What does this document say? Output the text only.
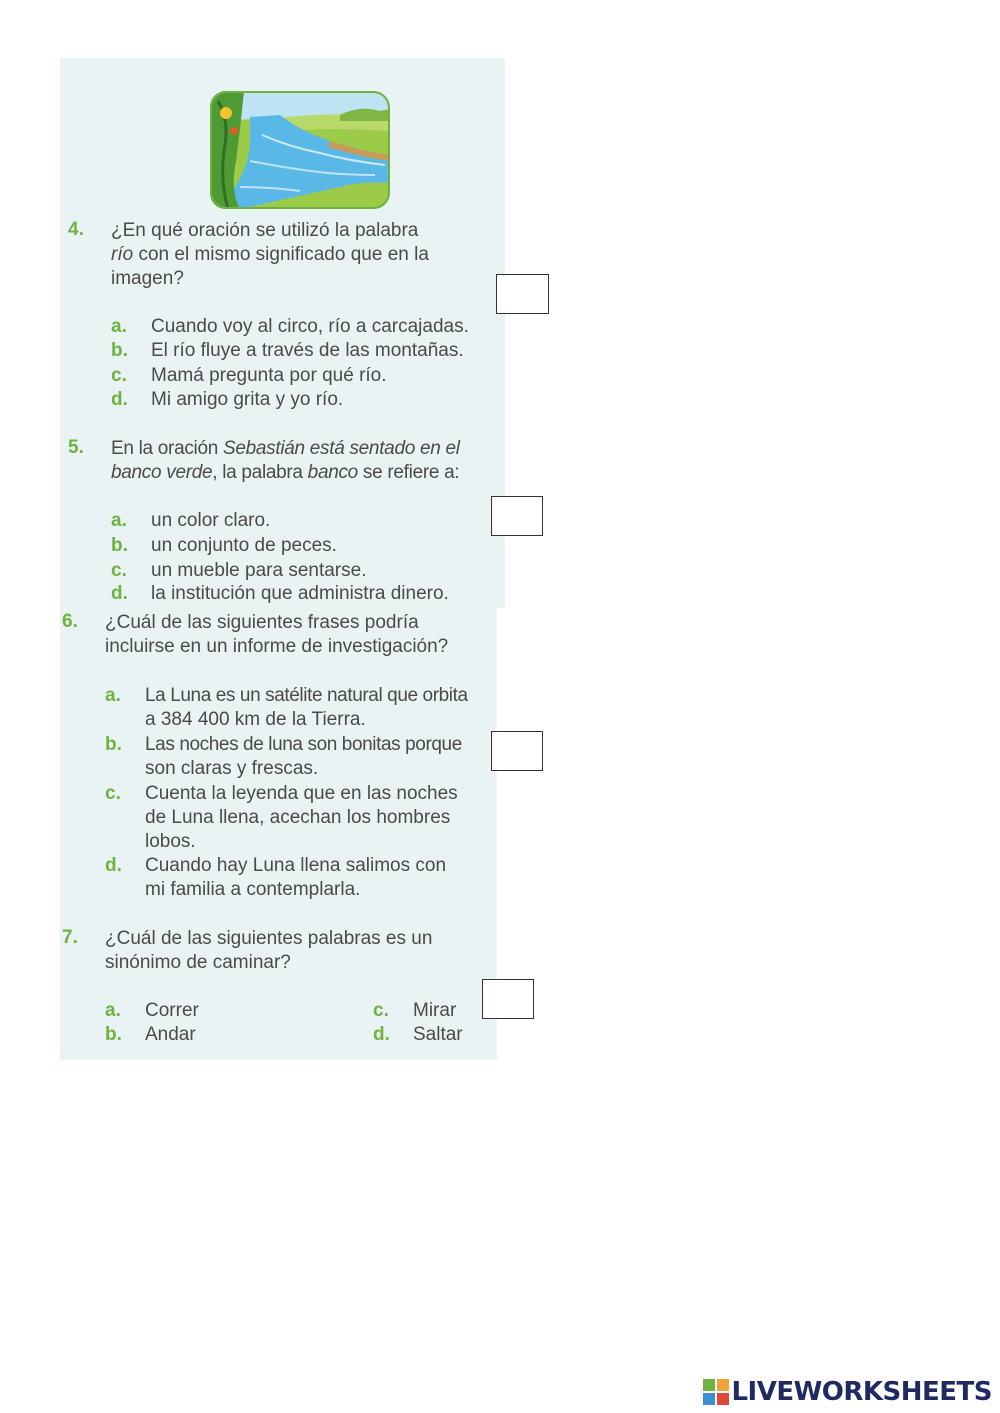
4. ¿En qué oración se utilizó la palabra
río con el mismo significado que en la
imagen?
a. Cuando voy al circo, río a carcajadas.
b. El río fluye a través de las montañas.
c. Mamá pregunta por qué río.
d. Mi amigo grita y yo río.
5. En la oración Sebastián está sentado en el
banco verde, la palabra banco se refiere a:
a. un color claro.
b. un conjunto de peces.
c. un mueble para sentarse.
d. la institución que administra dinero.
6. ¿Cuál de las siguientes frases podría
incluirse en un informe de investigación?
a. La Luna es un satélite natural que orbita
a 384 400 km de la Tierra.
b. Las noches de luna son bonitas porque
son claras y frescas.
c. Cuenta la leyenda que en las noches
de Luna llena, acechan los hombres
lobos.
d. Cuando hay Luna llena salimos con
mi familia a contemplarla.
7. ¿Cuál de las siguientes palabras es un
sinónimo de caminar?
a. Correr
b. Andar
c. Mirar
d. Saltar
LIVEWORKSHEETS
